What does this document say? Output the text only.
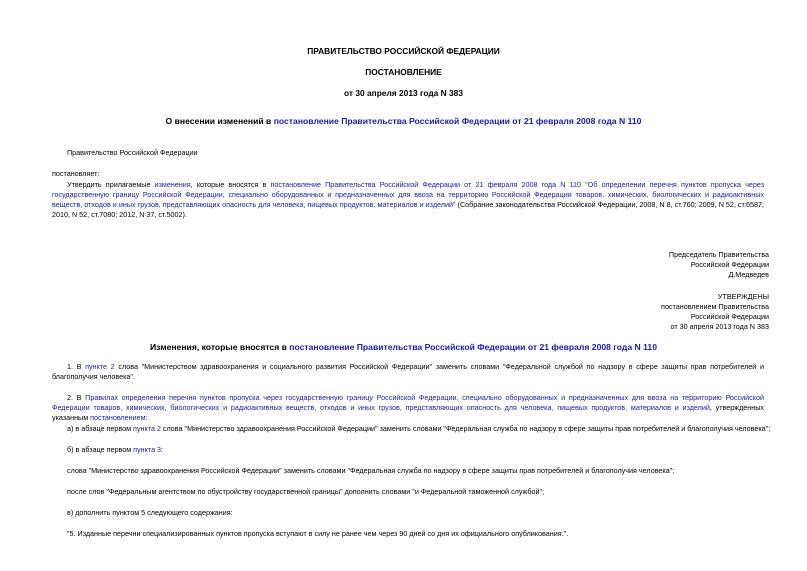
ПРАВИТЕЛЬСТВО РОССИЙСКОЙ ФЕДЕРАЦИИ
ПОСТАНОВЛЕНИЕ
от 30 апреля 2013 года N 383
О внесении изменений в постановление Правительства Российской Федерации от 21 февраля 2008 года N 110
Правительство Российской Федерации
постановляет:
Утвердить прилагаемые изменения, которые вносятся в постановление Правительства Российской Федерации от 21 февраля 2008 года N 110 "Об определении перечня пунктов пропуска через государственную границу Российской Федерации, специально оборудованных и предназначенных для ввоза на территорию Российской Федерации товаров, химических, биологических и радиоактивных веществ, отходов и иных грузов, представляющих опасность для человека, пищевых продуктов, материалов и изделий" (Собрание законодательства Российской Федерации, 2008, N 8, ст.760; 2009, N 52, ст.6587; 2010, N 52, ст.7080; 2012, N 37, ст.5002).
Председатель Правительства
Российской Федерации
Д.Медведев
УТВЕРЖДЕНЫ
постановлением Правительства
Российской Федерации
от 30 апреля 2013 года N 383
Изменения, которые вносятся в постановление Правительства Российской Федерации от 21 февраля 2008 года N 110
1. В пункте 2 слова "Министерством здравоохранения и социального развития Российской Федерации" заменить словами "Федеральной службой по надзору в сфере защиты прав потребителей и благополучия человека".
2. В Правилах определения перечня пунктов пропуска через государственную границу Российской Федерации, специально оборудованных и предназначенных для ввоза на территорию Российской Федерации товаров, химических, биологических и радиоактивных веществ, отходов и иных грузов, представляющих опасность для человека, пищевых продуктов, материалов и изделий, утвержденных указанным постановлением:
а) в абзаце первом пункта 2 слова "Министерство здравоохранения Российской Федерации" заменить словами "Федеральная служба по надзору в сфере защиты прав потребителей и благополучия человека";
б) в абзаце первом пункта 3:
слова "Министерство здравоохранения Российской Федерации" заменить словами "Федеральная служба по надзору в сфере защиты прав потребителей и благополучия человека";
после слов "Федеральным агентством по обустройству государственной границы" дополнить словами "и Федеральной таможенной службой";
в) дополнить пунктом 5 следующего содержания:
"5. Изданные перечни специализированных пунктов пропуска вступают в силу не ранее чем через 90 дней со дня их официального опубликования.".
